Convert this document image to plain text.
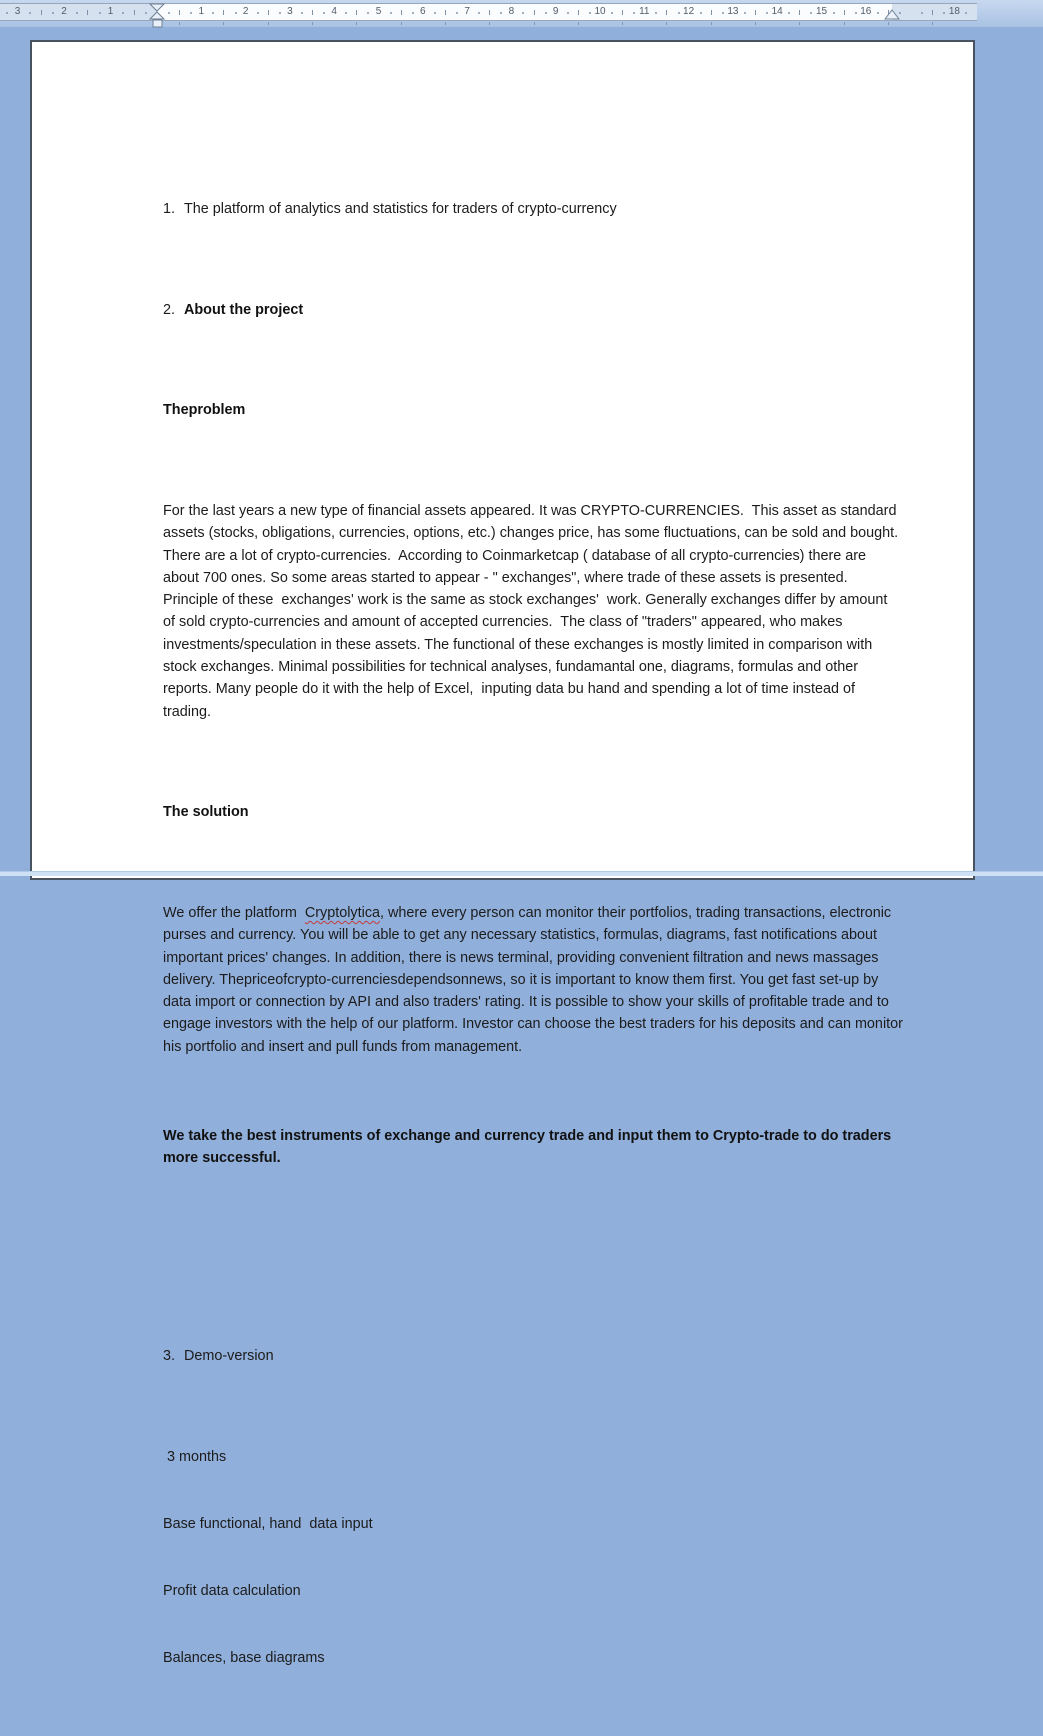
1	2	3	4	5	6	7	8	9	10	11	12	13	14	15	16	18
3	2	1

1. The platform of analytics and statistics for traders of crypto-currency

2. About the project

Theproblem

For the last years a new type of financial assets appeared. It was CRYPTO-CURRENCIES.  This asset as standard assets (stocks, obligations, currencies, options, etc.) changes price, has some fluctuations, can be sold and bought. There are a lot of crypto-currencies.  According to Coinmarketcap ( database of all crypto-currencies) there are about 700 ones. So some areas started to appear - " exchanges", where trade of these assets is presented. Principle of these  exchanges' work is the same as stock exchanges'  work. Generally exchanges differ by amount of sold crypto-currencies and amount of accepted currencies.  The class of "traders" appeared, who makes investments/speculation in these assets. The functional of these exchanges is mostly limited in comparison with stock exchanges. Minimal possibilities for technical analyses, fundamantal one, diagrams, formulas and other reports. Many people do it with the help of Excel,  inputing data bu hand and spending a lot of time instead of trading.

The solution

We offer the platform  Cryptolytica, where every person can monitor their portfolios, trading transactions, electronic purses and currency. You will be able to get any necessary statistics, formulas, diagrams, fast notifications about important prices' changes. In addition, there is news terminal, providing convenient filtration and news massages delivery. Thepriceofcrypto-currenciesdependsonnews, so it is important to know them first. You get fast set-up by data import or connection by API and also traders' rating. It is possible to show your skills of profitable trade and to engage investors with the help of our platform. Investor can choose the best traders for his deposits and can monitor his portfolio and insert and pull funds from management.

We take the best instruments of exchange and currency trade and input them to Crypto-trade to do traders more successful.

3. Demo-version

3 months

Base functional, hand  data input

Profit data calculation

Balances, base diagrams
